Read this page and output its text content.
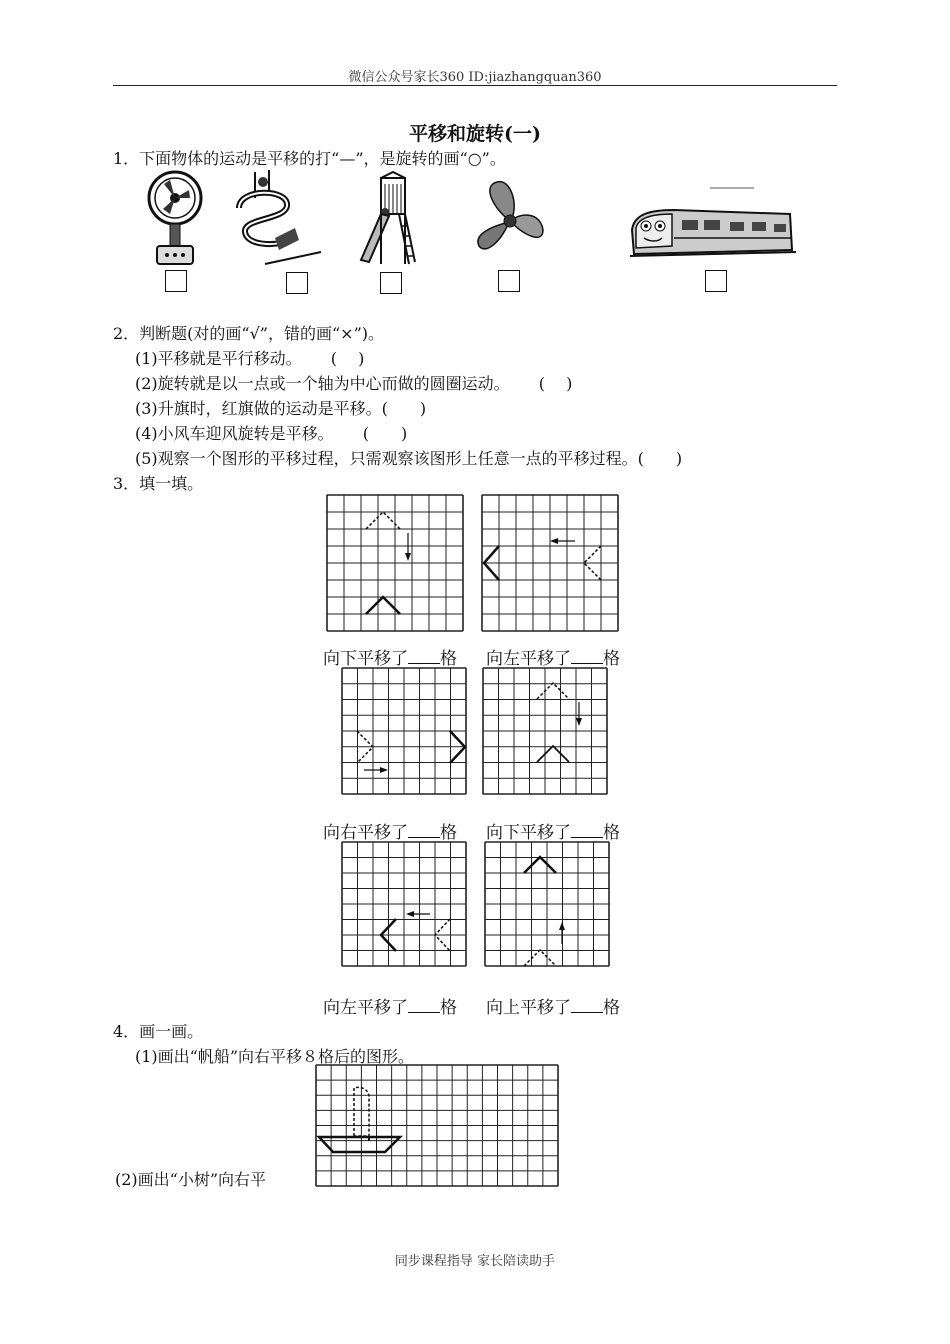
微信公众号家长360 ID:jiazhangquan360
平移和旋转(一)
1．下面物体的运动是平移的打“—”，是旋转的画“○”。
2．判断题(对的画“√”，错的画“×”)。
(1)平移就是平行移动。　　 (　 )
(2)旋转就是以一点或一个轴为中心而做的圆圈运动。　　 (　 )
(3)升旗时，红旗做的运动是平移。(　　)
(4)小风车迎风旋转是平移。　　 (　　)
(5)观察一个图形的平移过程，只需观察该图形上任意一点的平移过程。(　　)
3．填一填。
向下平移了 格 向左平移了 格
向右平移了 格 向下平移了 格
向左平移了 格 向上平移了 格
4．画一画。
(1)画出“帆船”向右平移８格后的图形。
(2)画出“小树”向右平
同步课程指导 家长陪读助手
